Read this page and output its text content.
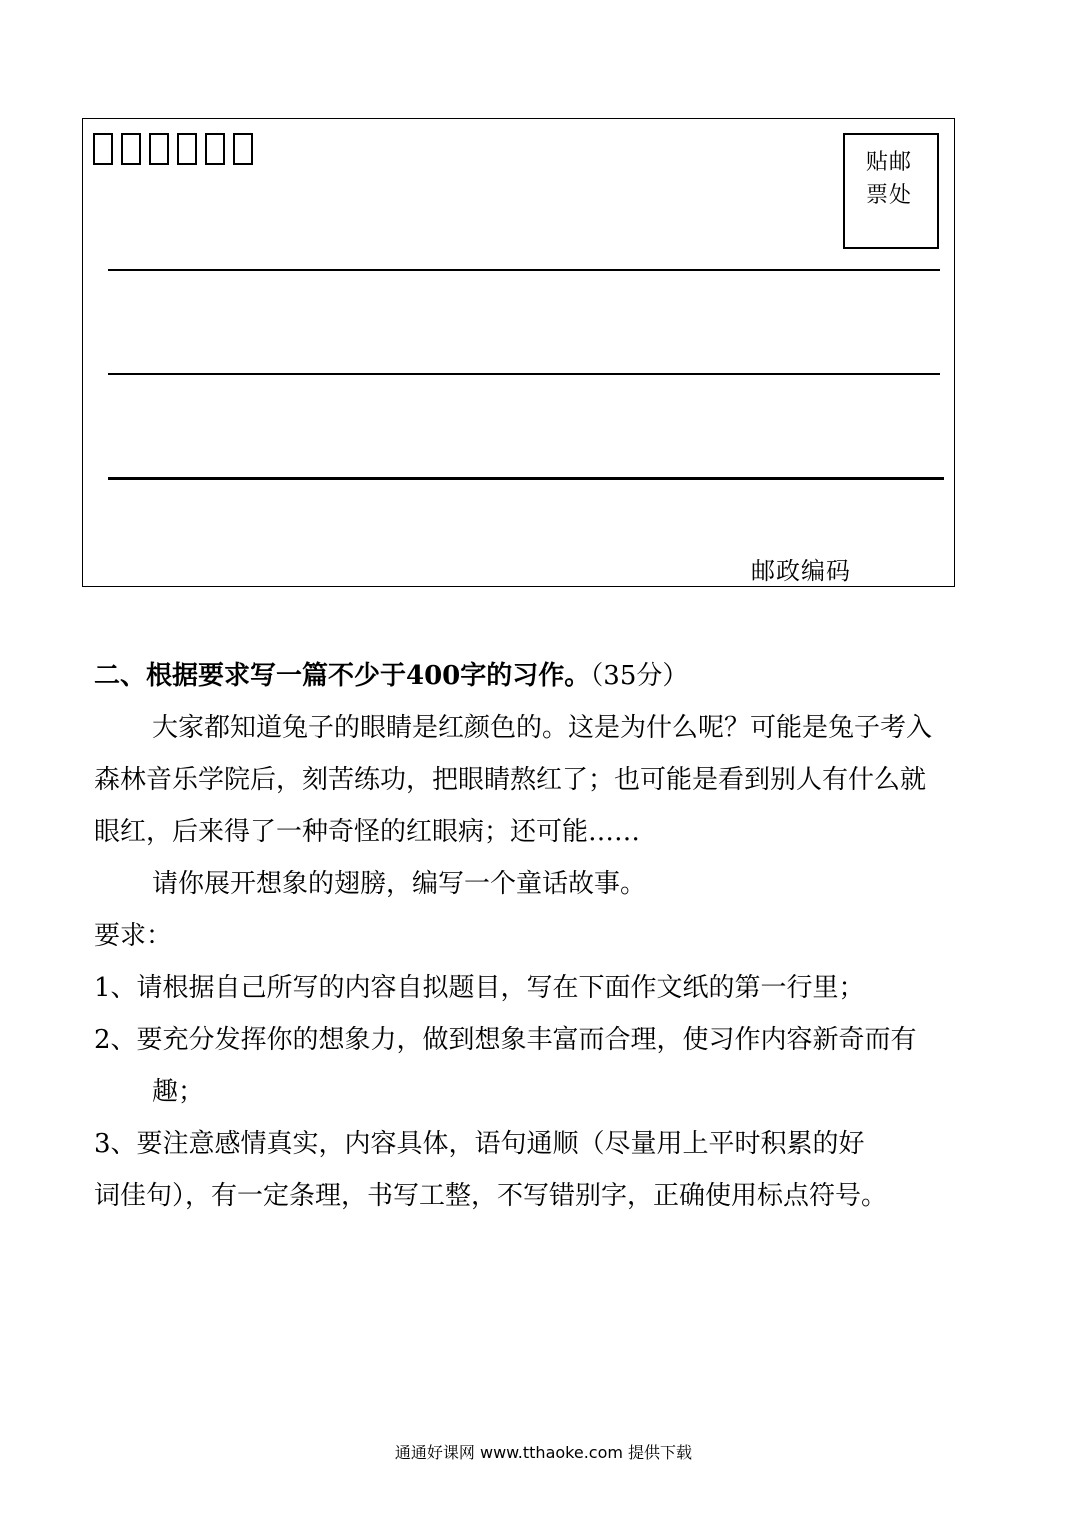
贴邮
票处
邮政编码

二、根据要求写一篇不少于400字的习作。（35分）

大家都知道兔子的眼睛是红颜色的。这是为什么呢？可能是兔子考入

森林音乐学院后，刻苦练功，把眼睛熬红了；也可能是看到别人有什么就

眼红，后来得了一种奇怪的红眼病；还可能……

请你展开想象的翅膀，编写一个童话故事。

要求：

1、请根据自己所写的内容自拟题目，写在下面作文纸的第一行里；

2、要充分发挥你的想象力，做到想象丰富而合理，使习作内容新奇而有

趣；

3、要注意感情真实，内容具体，语句通顺（尽量用上平时积累的好

词佳句），有一定条理，书写工整，不写错别字，正确使用标点符号。

通通好课网 www.tthaoke.com 提供下载
